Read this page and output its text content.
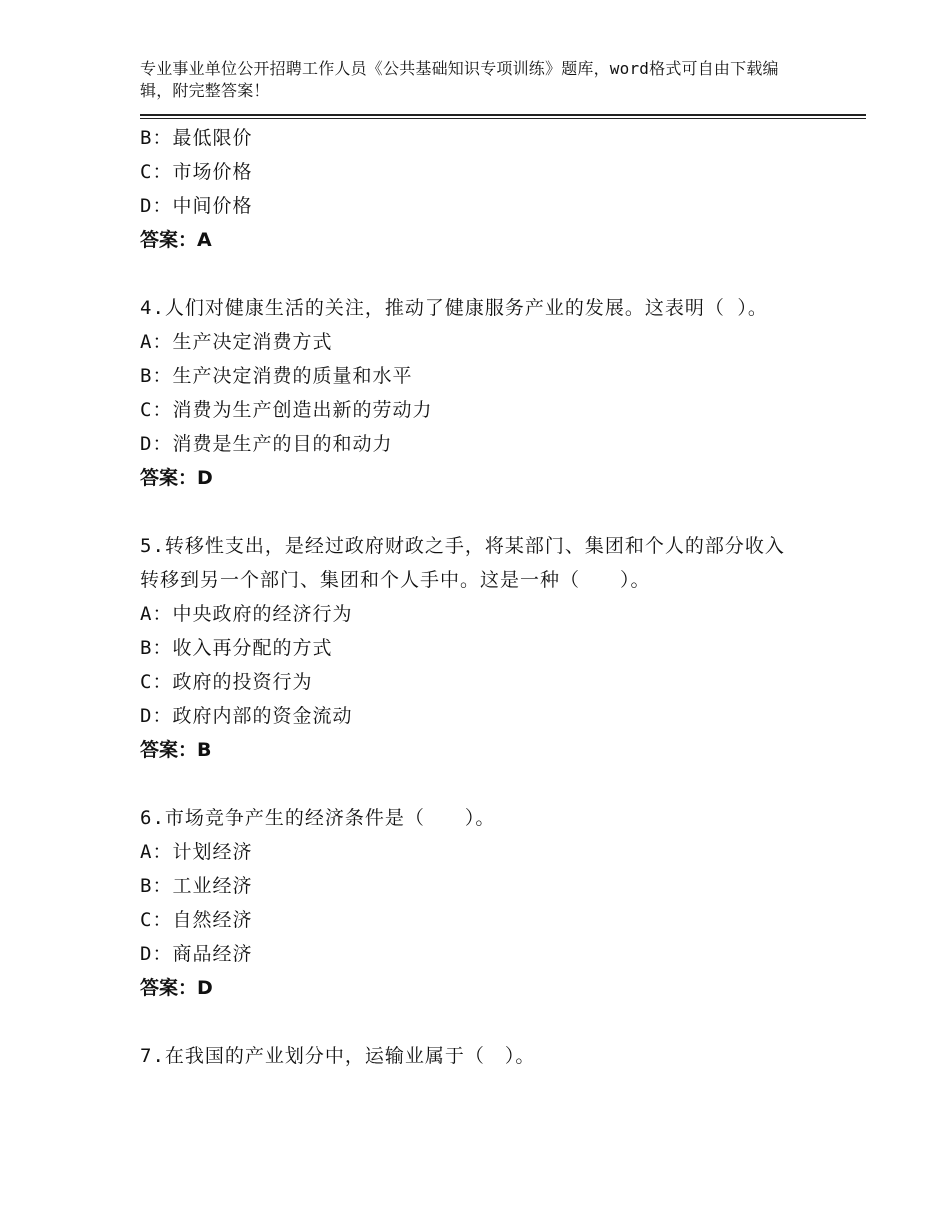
专业事业单位公开招聘工作人员《公共基础知识专项训练》题库，word格式可自由下载编辑，附完整答案！
B：最低限价
C：市场价格
D：中间价格
答案：A
4.人们对健康生活的关注，推动了健康服务产业的发展。这表明（ ）。
A：生产决定消费方式
B：生产决定消费的质量和水平
C：消费为生产创造出新的劳动力
D：消费是生产的目的和动力
答案：D
5.转移性支出，是经过政府财政之手，将某部门、集团和个人的部分收入转移到另一个部门、集团和个人手中。这是一种（　　）。
A：中央政府的经济行为
B：收入再分配的方式
C：政府的投资行为
D：政府内部的资金流动
答案：B
6.市场竞争产生的经济条件是（　　）。
A：计划经济
B：工业经济
C：自然经济
D：商品经济
答案：D
7.在我国的产业划分中，运输业属于（　）。
